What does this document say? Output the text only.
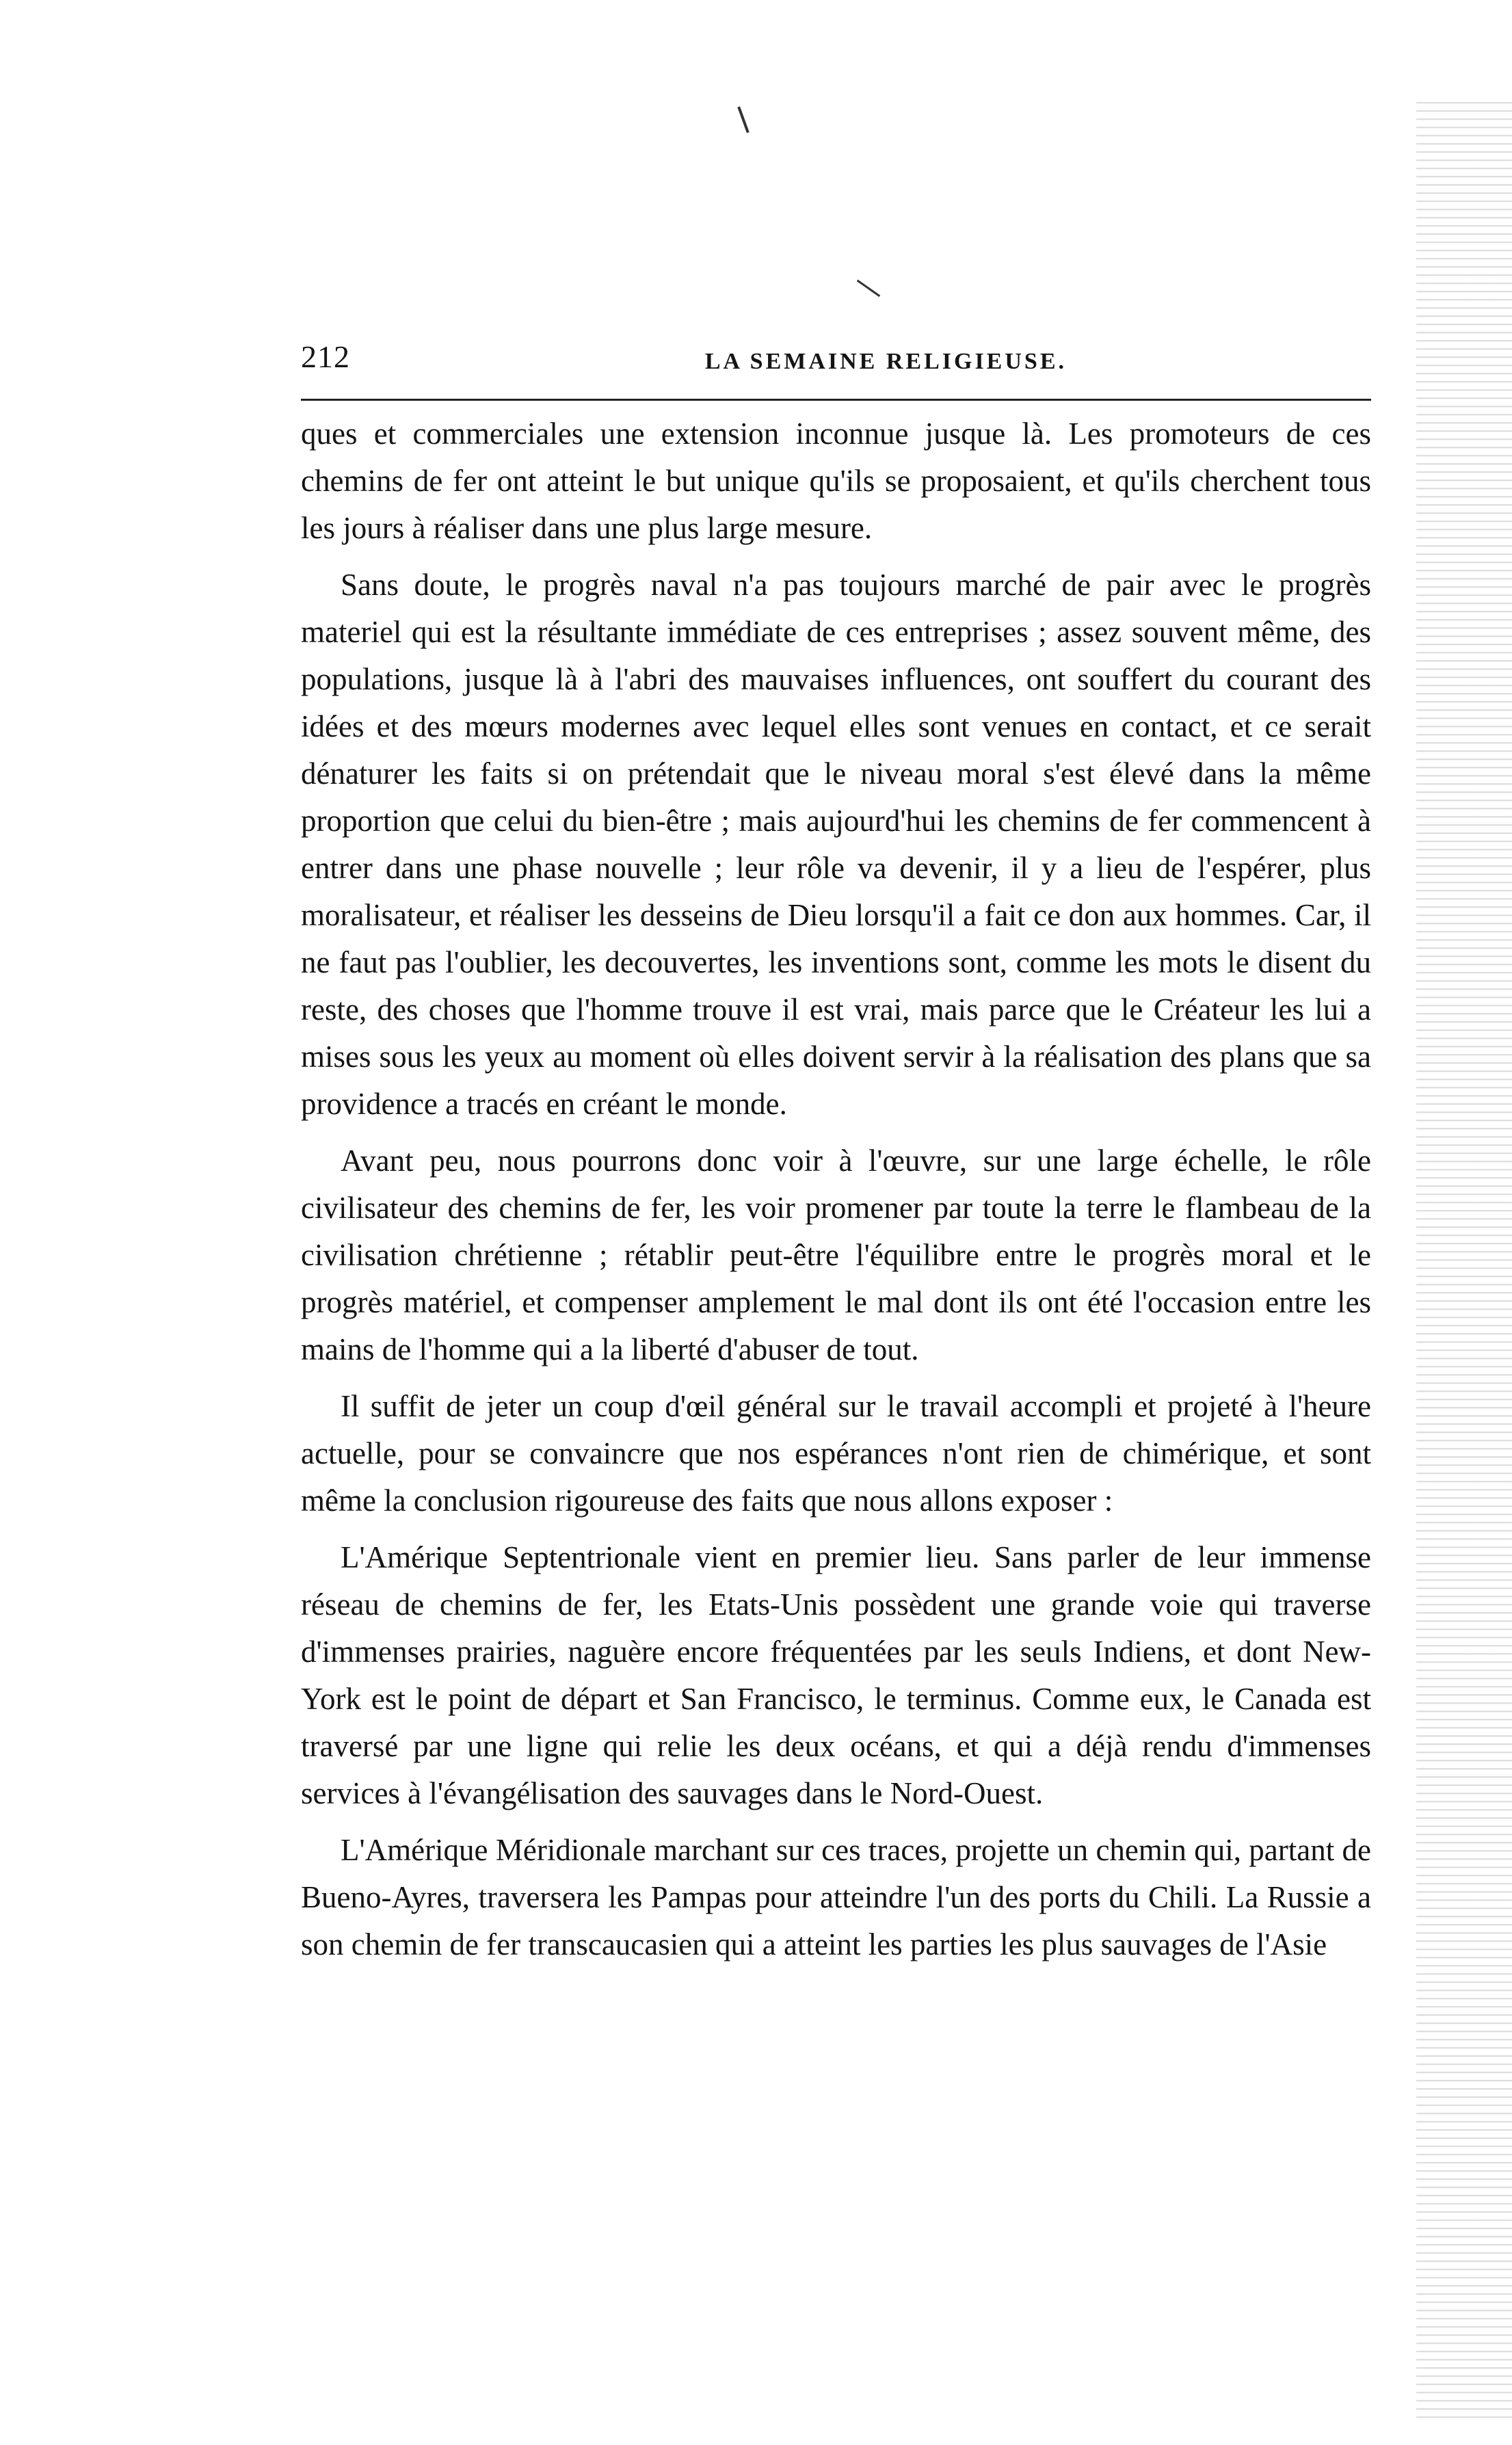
212	LA SEMAINE RELIGIEUSE.

ques et commerciales une extension inconnue jusque là. Les promoteurs de ces chemins de fer ont atteint le but unique qu'ils se proposaient, et qu'ils cherchent tous les jours à réaliser dans une plus large mesure.

Sans doute, le progrès naval n'a pas toujours marché de pair avec le progrès materiel qui est la résultante immédiate de ces entreprises ; assez souvent même, des populations, jusque là à l'abri des mauvaises influences, ont souffert du courant des idées et des mœurs modernes avec lequel elles sont venues en contact, et ce serait dénaturer les faits si on prétendait que le niveau moral s'est élevé dans la même proportion que celui du bien-être ; mais aujourd'hui les chemins de fer commencent à entrer dans une phase nouvelle ; leur rôle va devenir, il y a lieu de l'espérer, plus moralisateur, et réaliser les desseins de Dieu lorsqu'il a fait ce don aux hommes. Car, il ne faut pas l'oublier, les decouvertes, les inventions sont, comme les mots le disent du reste, des choses que l'homme trouve il est vrai, mais parce que le Créateur les lui a mises sous les yeux au moment où elles doivent servir à la réalisation des plans que sa providence a tracés en créant le monde.

Avant peu, nous pourrons donc voir à l'œuvre, sur une large échelle, le rôle civilisateur des chemins de fer, les voir promener par toute la terre le flambeau de la civilisation chrétienne ; rétablir peut-être l'équilibre entre le progrès moral et le progrès matériel, et compenser amplement le mal dont ils ont été l'occasion entre les mains de l'homme qui a la liberté d'abuser de tout.

Il suffit de jeter un coup d'œil général sur le travail accompli et projeté à l'heure actuelle, pour se convaincre que nos espérances n'ont rien de chimérique, et sont même la conclusion rigoureuse des faits que nous allons exposer :

L'Amérique Septentrionale vient en premier lieu. Sans parler de leur immense réseau de chemins de fer, les Etats-Unis possèdent une grande voie qui traverse d'immenses prairies, naguère encore fréquentées par les seuls Indiens, et dont New-York est le point de départ et San Francisco, le terminus. Comme eux, le Canada est traversé par une ligne qui relie les deux océans, et qui a déjà rendu d'immenses services à l'évangélisation des sauvages dans le Nord-Ouest.

L'Amérique Méridionale marchant sur ces traces, projette un chemin qui, partant de Bueno-Ayres, traversera les Pampas pour atteindre l'un des ports du Chili. La Russie a son chemin de fer transcaucasien qui a atteint les parties les plus sauvages de l'Asie
